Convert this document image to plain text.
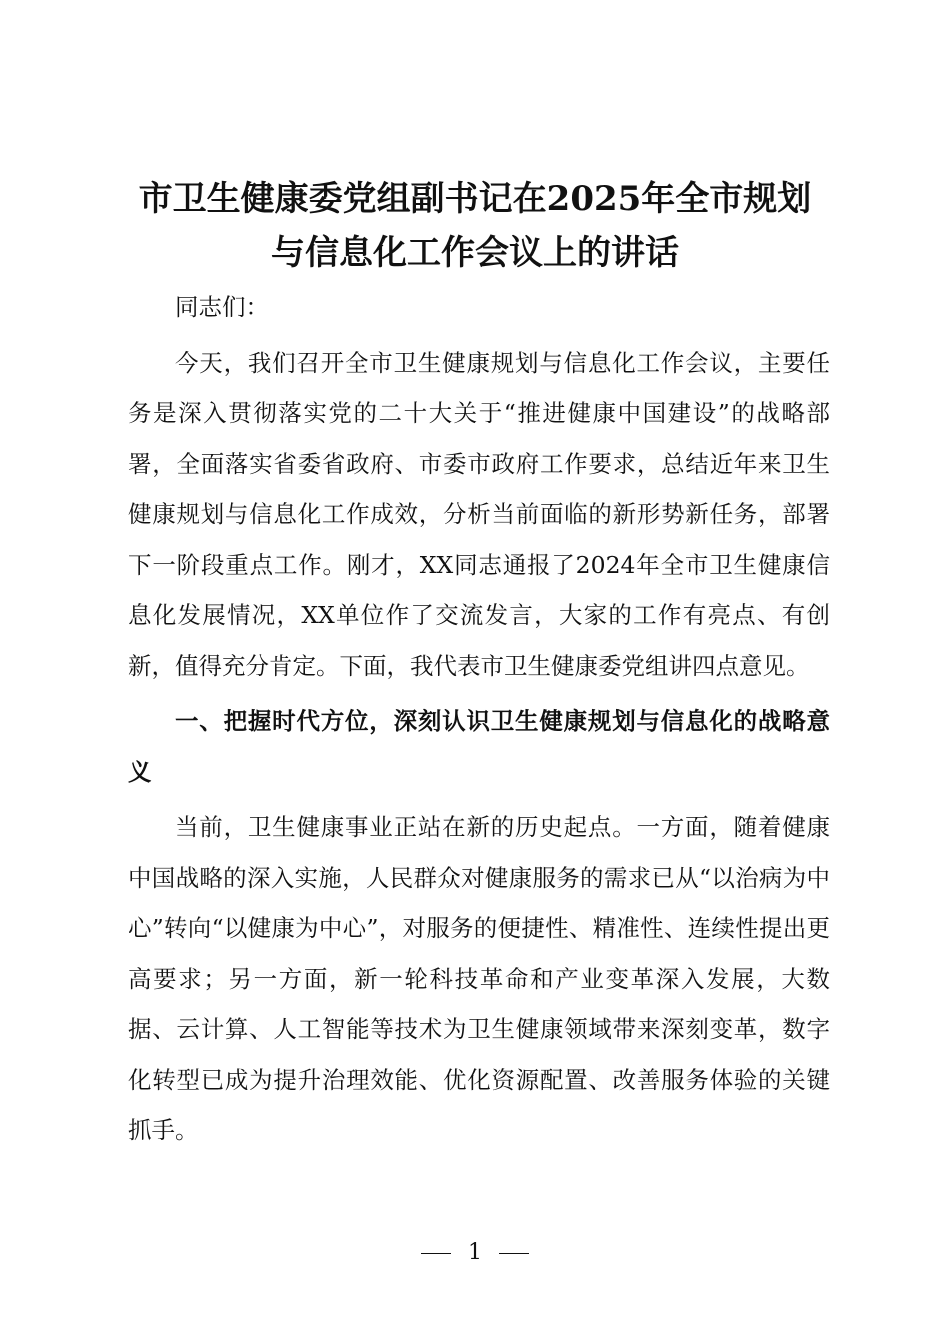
市卫生健康委党组副书记在2025年全市规划
与信息化工作会议上的讲话

同志们：

今天，我们召开全市卫生健康规划与信息化工作会议，主要任务是深入贯彻落实党的二十大关于“推进健康中国建设”的战略部署，全面落实省委省政府、市委市政府工作要求，总结近年来卫生健康规划与信息化工作成效，分析当前面临的新形势新任务，部署下一阶段重点工作。刚才，XX同志通报了2024年全市卫生健康信息化发展情况，XX单位作了交流发言，大家的工作有亮点、有创新，值得充分肯定。下面，我代表市卫生健康委党组讲四点意见。

一、把握时代方位，深刻认识卫生健康规划与信息化的战略意义

当前，卫生健康事业正站在新的历史起点。一方面，随着健康中国战略的深入实施，人民群众对健康服务的需求已从“以治病为中心”转向“以健康为中心”，对服务的便捷性、精准性、连续性提出更高要求；另一方面，新一轮科技革命和产业变革深入发展，大数据、云计算、人工智能等技术为卫生健康领域带来深刻变革，数字化转型已成为提升治理效能、优化资源配置、改善服务体验的关键抓手。

1
